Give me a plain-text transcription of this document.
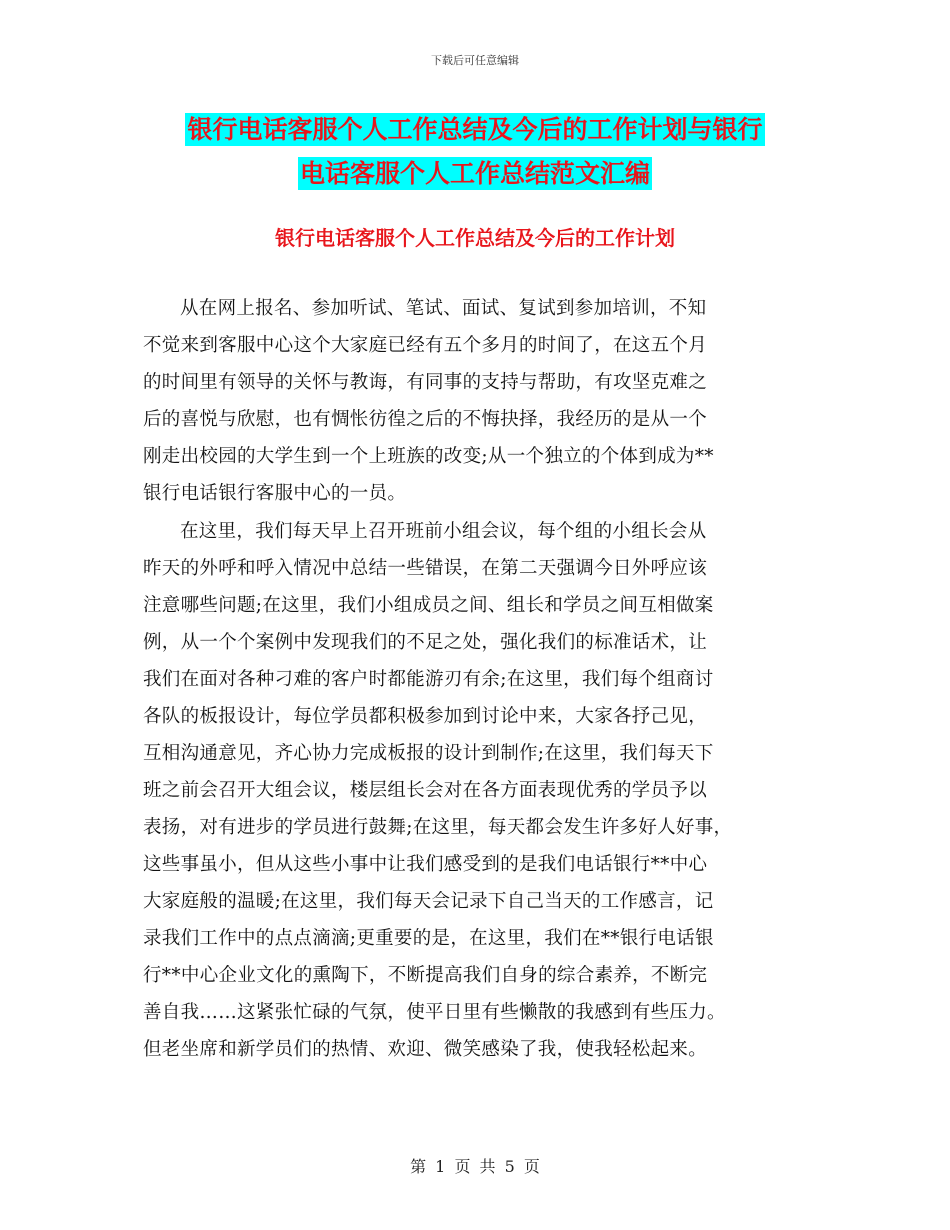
下载后可任意编辑
银行电话客服个人工作总结及今后的工作计划与银行
电话客服个人工作总结范文汇编
银行电话客服个人工作总结及今后的工作计划
从在网上报名、参加听试、笔试、面试、复试到参加培训，不知
不觉来到客服中心这个大家庭已经有五个多月的时间了，在这五个月
的时间里有领导的关怀与教诲，有同事的支持与帮助，有攻坚克难之
后的喜悦与欣慰，也有惆怅彷徨之后的不悔抉择，我经历的是从一个
刚走出校园的大学生到一个上班族的改变;从一个独立的个体到成为**
银行电话银行客服中心的一员。
在这里，我们每天早上召开班前小组会议，每个组的小组长会从
昨天的外呼和呼入情况中总结一些错误，在第二天强调今日外呼应该
注意哪些问题;在这里，我们小组成员之间、组长和学员之间互相做案
例，从一个个案例中发现我们的不足之处，强化我们的标准话术，让
我们在面对各种刁难的客户时都能游刃有余;在这里，我们每个组商讨
各队的板报设计，每位学员都积极参加到讨论中来，大家各抒己见，
互相沟通意见，齐心协力完成板报的设计到制作;在这里，我们每天下
班之前会召开大组会议，楼层组长会对在各方面表现优秀的学员予以
表扬，对有进步的学员进行鼓舞;在这里，每天都会发生许多好人好事，
这些事虽小，但从这些小事中让我们感受到的是我们电话银行**中心
大家庭般的温暖;在这里，我们每天会记录下自己当天的工作感言，记
录我们工作中的点点滴滴;更重要的是，在这里，我们在**银行电话银
行**中心企业文化的熏陶下，不断提高我们自身的综合素养，不断完
善自我……这紧张忙碌的气氛，使平日里有些懒散的我感到有些压力。
但老坐席和新学员们的热情、欢迎、微笑感染了我，使我轻松起来。
第 1 页 共 5 页
